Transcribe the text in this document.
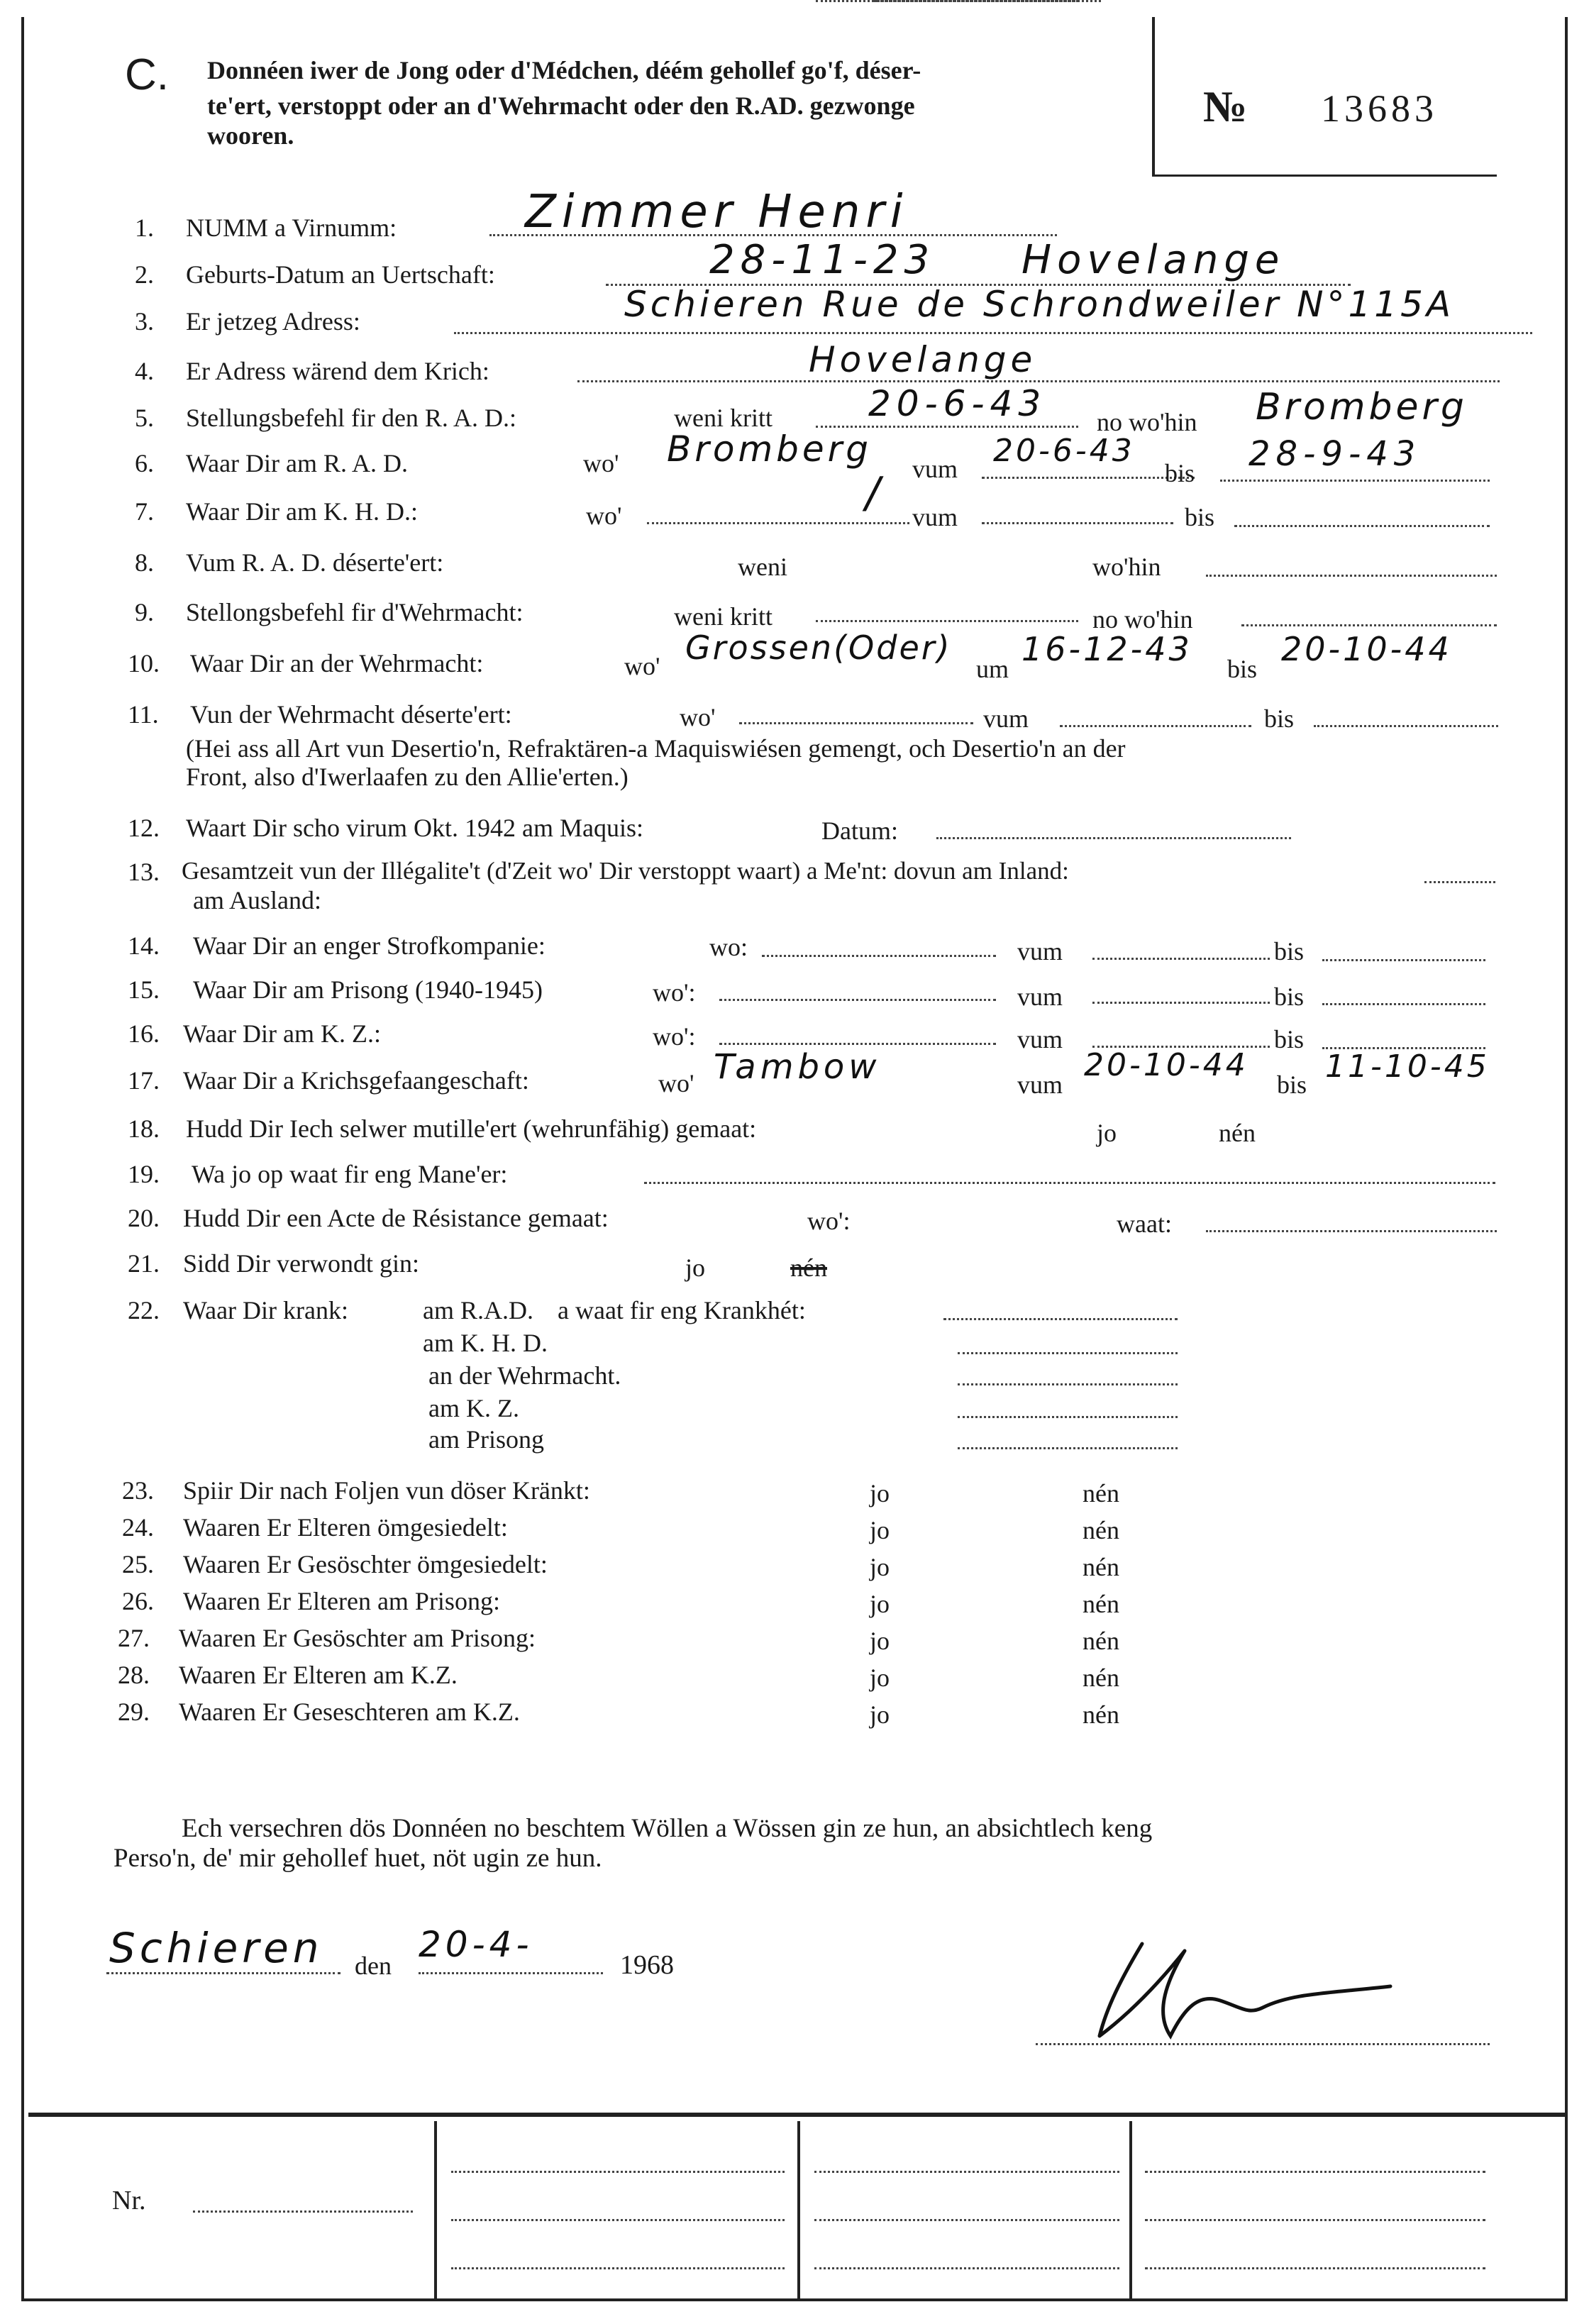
C. Donnéen iwer de Jong oder d'Médchen, déém gehollef go'f, déser-
te'ert, verstoppt oder an d'Wehrmacht oder den R.AD. gezwonge
wooren.
№ 13683
1. NUMM a Virnumm:	Zimmer Henri
2. Geburts-Datum an Uertschaft:	28-11-23 Hovelange
3. Er jetzeg Adress:	Schieren Rue de Schrondweiler N°115A
4. Er Adress wärend dem Krich:	Hovelange
5. Stellungsbefehl fir den R. A. D.:	weni kritt	20-6-43 no wo'hin Bromberg
6. Waar Dir am R. A. D.	wo' Bromberg vum 20-6-43
bis 28-9-43
7. Waar Dir am K. H. D.:	wo'	/ vum	bis
8. Vum R. A. D. déserte'ert:	weni	wo'hin
9. Stellongsbefehl fir d'Wehrmacht:	weni kritt	no wo'hin
10. Waar Dir an der Wehrmacht:	wo' Grossen(Oder)
um
16-12-43
bis
20-10-44
11. Vun der Wehrmacht déserte'ert:	wo'	vum	bis
(Hei ass all Art vun Desertio'n, Refraktären-a Maquiswiésen gemengt, och Desertio'n an der
Front, also d'Iwerlaafen zu den Allie'erten.)
12. Waart Dir scho virum Okt. 1942 am Maquis:	Datum:
13. Gesamtzeit vun der Illégalite't (d'Zeit wo' Dir verstoppt waart) a Me'nt: dovun am Inland:
am Ausland:
14. Waar Dir an enger Strofkompanie:	wo:	vum	bis
15. Waar Dir am Prisong (1940-1945)	wo':	vum	bis
16. Waar Dir am K. Z.:	wo':	vum	bis
17. Waar Dir a Krichsgefaangeschaft:	wo' Tambow	vum
20-10-44
bis 11-10-45
18. Hudd Dir Iech selwer mutille'ert (wehrunfähig) gemaat:	jo	nén
19. Wa jo op waat fir eng Mane'er:
20. Hudd Dir een Acte de Résistance gemaat:	wo':	waat:
21. Sidd Dir verwondt gin:	jo	nén
22. Waar Dir krank:	am R.A.D. a waat fir eng Krankhét:
am K. H. D.
an der Wehrmacht.
am K. Z.
am Prisong
23. Spiir Dir nach Foljen vun döser Kränkt:	jo	nén
24. Waaren Er Elteren ömgesiedelt:	jo	nén
25. Waaren Er Gesöschter ömgesiedelt:	jo	nén
26. Waaren Er Elteren am Prisong:	jo	nén
27. Waaren Er Gesöschter am Prisong:	jo	nén
28. Waaren Er Elteren am K.Z.	jo	nén
29. Waaren Er Geseschteren am K.Z.	jo	nén
Ech versechren dös Donnéen no beschtem Wöllen a Wössen gin ze hun, an absichtlech keng
Perso'n, de' mir gehollef huet, nöt ugin ze hun.
Schieren den
20-4-	1968
Nr.
